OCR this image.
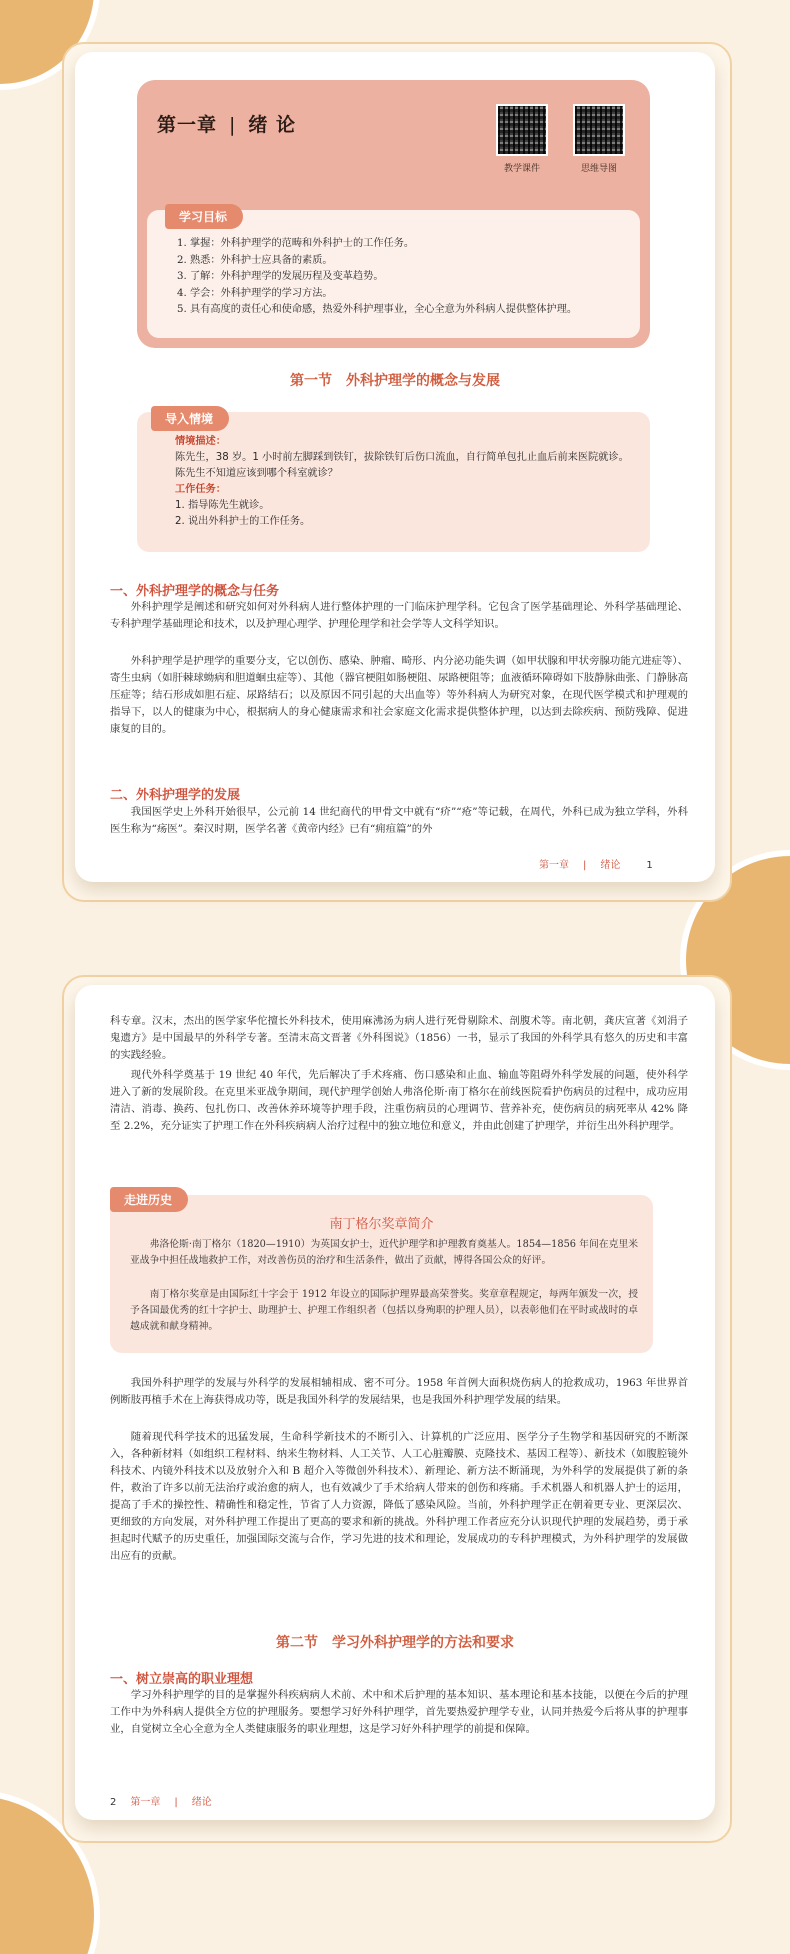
第一章 | 绪 论
教学课件	思维导图
学习目标
1. 掌握：外科护理学的范畴和外科护士的工作任务。
2. 熟悉：外科护士应具备的素质。
3. 了解：外科护理学的发展历程及变革趋势。
4. 学会：外科护理学的学习方法。
5. 具有高度的责任心和使命感，热爱外科护理事业，全心全意为外科病人提供整体护理。
第一节　外科护理学的概念与发展
导入情境
情境描述：
陈先生，38 岁。1 小时前左脚踩到铁钉，拔除铁钉后伤口流血，自行简单包扎止血后前来医院就诊。陈先生不知道应该到哪个科室就诊？
工作任务：
1. 指导陈先生就诊。
2. 说出外科护士的工作任务。
一、外科护理学的概念与任务
外科护理学是阐述和研究如何对外科病人进行整体护理的一门临床护理学科。它包含了医学基础理论、外科学基础理论、专科护理学基础理论和技术，以及护理心理学、护理伦理学和社会学等人文科学知识。
外科护理学是护理学的重要分支，它以创伤、感染、肿瘤、畸形、内分泌功能失调（如甲状腺和甲状旁腺功能亢进症等）、寄生虫病（如肝棘球蚴病和胆道蛔虫症等）、其他（器官梗阻如肠梗阻、尿路梗阻等；血液循环障碍如下肢静脉曲张、门静脉高压症等；结石形成如胆石症、尿路结石；以及原因不同引起的大出血等）等外科病人为研究对象，在现代医学模式和护理观的指导下，以人的健康为中心，根据病人的身心健康需求和社会家庭文化需求提供整体护理，以达到去除疾病、预防残障、促进康复的目的。
二、外科护理学的发展
我国医学史上外科开始很早，公元前 14 世纪商代的甲骨文中就有“疥”“疮”等记载，在周代，外科已成为独立学科，外科医生称为“疡医”。秦汉时期，医学名著《黄帝内经》已有“痈疽篇”的外
第一章 | 绪论	1
科专章。汉末，杰出的医学家华佗擅长外科技术，使用麻沸汤为病人进行死骨剔除术、剖腹术等。南北朝，龚庆宣著《刘涓子鬼遗方》是中国最早的外科学专著。至清末高文晋著《外科图说》（1856）一书，显示了我国的外科学具有悠久的历史和丰富的实践经验。
现代外科学奠基于 19 世纪 40 年代，先后解决了手术疼痛、伤口感染和止血、输血等阻碍外科学发展的问题，使外科学进入了新的发展阶段。在克里米亚战争期间，现代护理学创始人弗洛伦斯·南丁格尔在前线医院看护伤病员的过程中，成功应用清洁、消毒、换药、包扎伤口、改善休养环境等护理手段，注重伤病员的心理调节、营养补充，使伤病员的病死率从 42% 降至 2.2%，充分证实了护理工作在外科疾病病人治疗过程中的独立地位和意义，并由此创建了护理学，并衍生出外科护理学。
走进历史
南丁格尔奖章简介
弗洛伦斯·南丁格尔（1820—1910）为英国女护士，近代护理学和护理教育奠基人。1854—1856 年间在克里米亚战争中担任战地救护工作，对改善伤员的治疗和生活条件，做出了贡献，博得各国公众的好评。
南丁格尔奖章是由国际红十字会于 1912 年设立的国际护理界最高荣誉奖。奖章章程规定，每两年颁发一次，授予各国最优秀的红十字护士、助理护士、护理工作组织者（包括以身殉职的护理人员），以表彰他们在平时或战时的卓越成就和献身精神。
我国外科护理学的发展与外科学的发展相辅相成、密不可分。1958 年首例大面积烧伤病人的抢救成功，1963 年世界首例断肢再植手术在上海获得成功等，既是我国外科学的发展结果，也是我国外科护理学发展的结果。
随着现代科学技术的迅猛发展，生命科学新技术的不断引入、计算机的广泛应用、医学分子生物学和基因研究的不断深入，各种新材料（如组织工程材料、纳米生物材料、人工关节、人工心脏瓣膜、克隆技术、基因工程等）、新技术（如腹腔镜外科技术、内镜外科技术以及放射介入和 B 超介入等微创外科技术）、新理论、新方法不断涌现，为外科学的发展提供了新的条件，救治了许多以前无法治疗或治愈的病人，也有效减少了手术给病人带来的创伤和疼痛。手术机器人和机器人护士的运用，提高了手术的操控性、精确性和稳定性，节省了人力资源，降低了感染风险。当前，外科护理学正在朝着更专业、更深层次、更细致的方向发展，对外科护理工作提出了更高的要求和新的挑战。外科护理工作者应充分认识现代护理的发展趋势，勇于承担起时代赋予的历史重任，加强国际交流与合作，学习先进的技术和理论，发展成功的专科护理模式，为外科护理学的发展做出应有的贡献。
第二节　学习外科护理学的方法和要求
一、树立崇高的职业理想
学习外科护理学的目的是掌握外科疾病病人术前、术中和术后护理的基本知识、基本理论和基本技能，以便在今后的护理工作中为外科病人提供全方位的护理服务。要想学习好外科护理学，首先要热爱护理学专业，认同并热爱今后将从事的护理事业，自觉树立全心全意为全人类健康服务的职业理想，这是学习好外科护理学的前提和保障。
2 第一章 | 绪论
